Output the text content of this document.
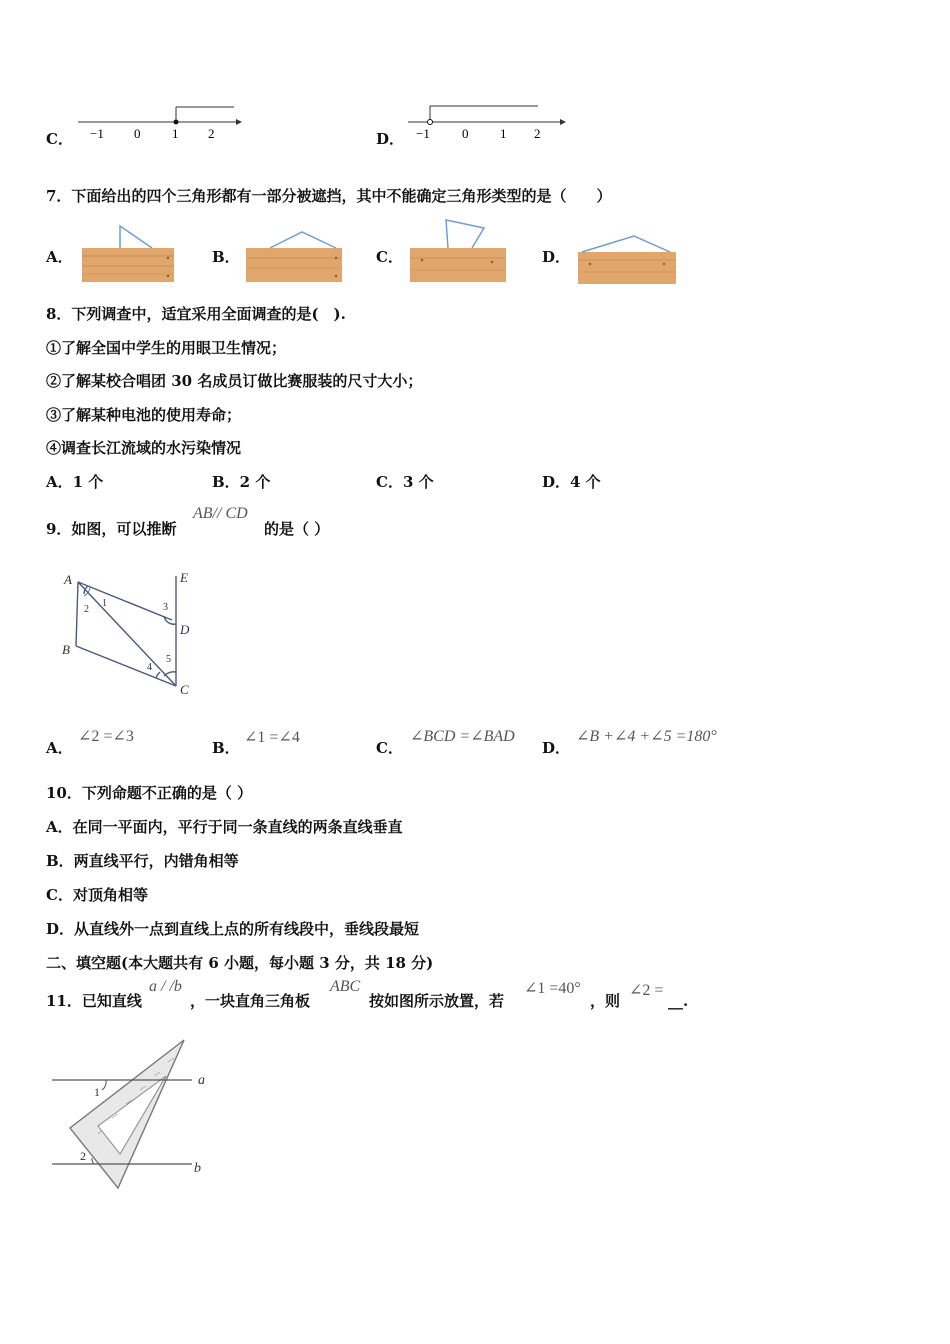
C． −1 0 1 2	D． −1 0 1 2
7．下面给出的四个三角形都有一部分被遮挡，其中不能确定三角形类型的是（　　）
A．	B．	C．	D．
8．下列调查中，适宜采用全面调查的是(　).
①了解全国中学生的用眼卫生情况；
②了解某校合唱团 30 名成员订做比赛服装的尺寸大小；
③了解某种电池的使用寿命；
④调查长江流域的水污染情况
A．1 个	B．2 个	C．3 个	D．4 个
9．如图，可以推断
AB// CD
的是（ ）
A
B
C
D
E
1
2	3
4
5
A．
∠2 =∠3
B．
∠1 =∠4
C．
∠BCD =∠BAD
D．
∠B +∠4 +∠5 =180°
10．下列命题不正确的是（ ）
A．在同一平面内，平行于同一条直线的两条直线垂直
B．两直线平行，内错角相等
C．对顶角相等
D．从直线外一点到直线上点的所有线段中，垂线段最短
二、填空题(本大题共有 6 小题，每小题 3 分，共 18 分)
11．已知直线
a / /b
，一块直角三角板
ABC
按如图所示放置，若
∠1 =40°
，则
∠2 =
__.
1
2
a
b
